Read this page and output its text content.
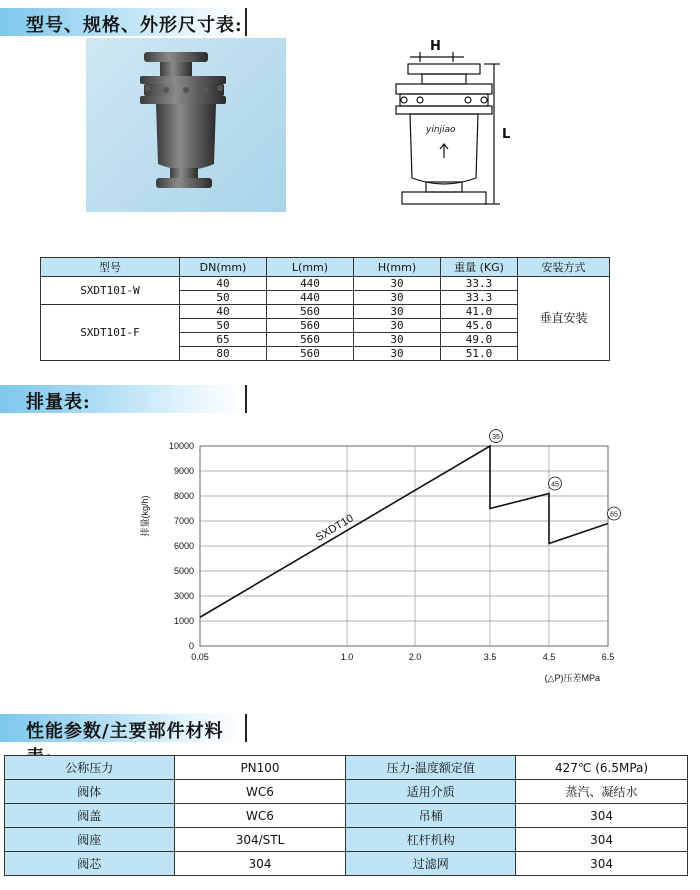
型号、规格、外形尺寸表:
H
L
yinjiao
型号	DN(mm)	L(mm)	H(mm)	重量 (KG)	安装方式
SXDT10I-W	40	440	30	33.3	垂直安装
	50	440	30	33.3	
SXDT10I-F	40	560	30	41.0	
	50	560	30	45.0	
	65	560	30	49.0	
	80	560	30	51.0	
排量表:
0
1000
3000
5000
6000
7000
8000
9000
10000
0.05	1.0	2.0	3.5	4.5	6.5
SXDT10
35
45
65
排量(kg/h)
(△P)压差MPa
性能参数/主要部件材料
公称压力	PN100	压力-温度额定值	427℃ (6.5MPa)
阀体	WC6	适用介质	蒸汽、凝结水
阀盖	WC6	吊桶	304
阀座	304/STL	杠杆机构	304
阀芯	304	过滤网	304
